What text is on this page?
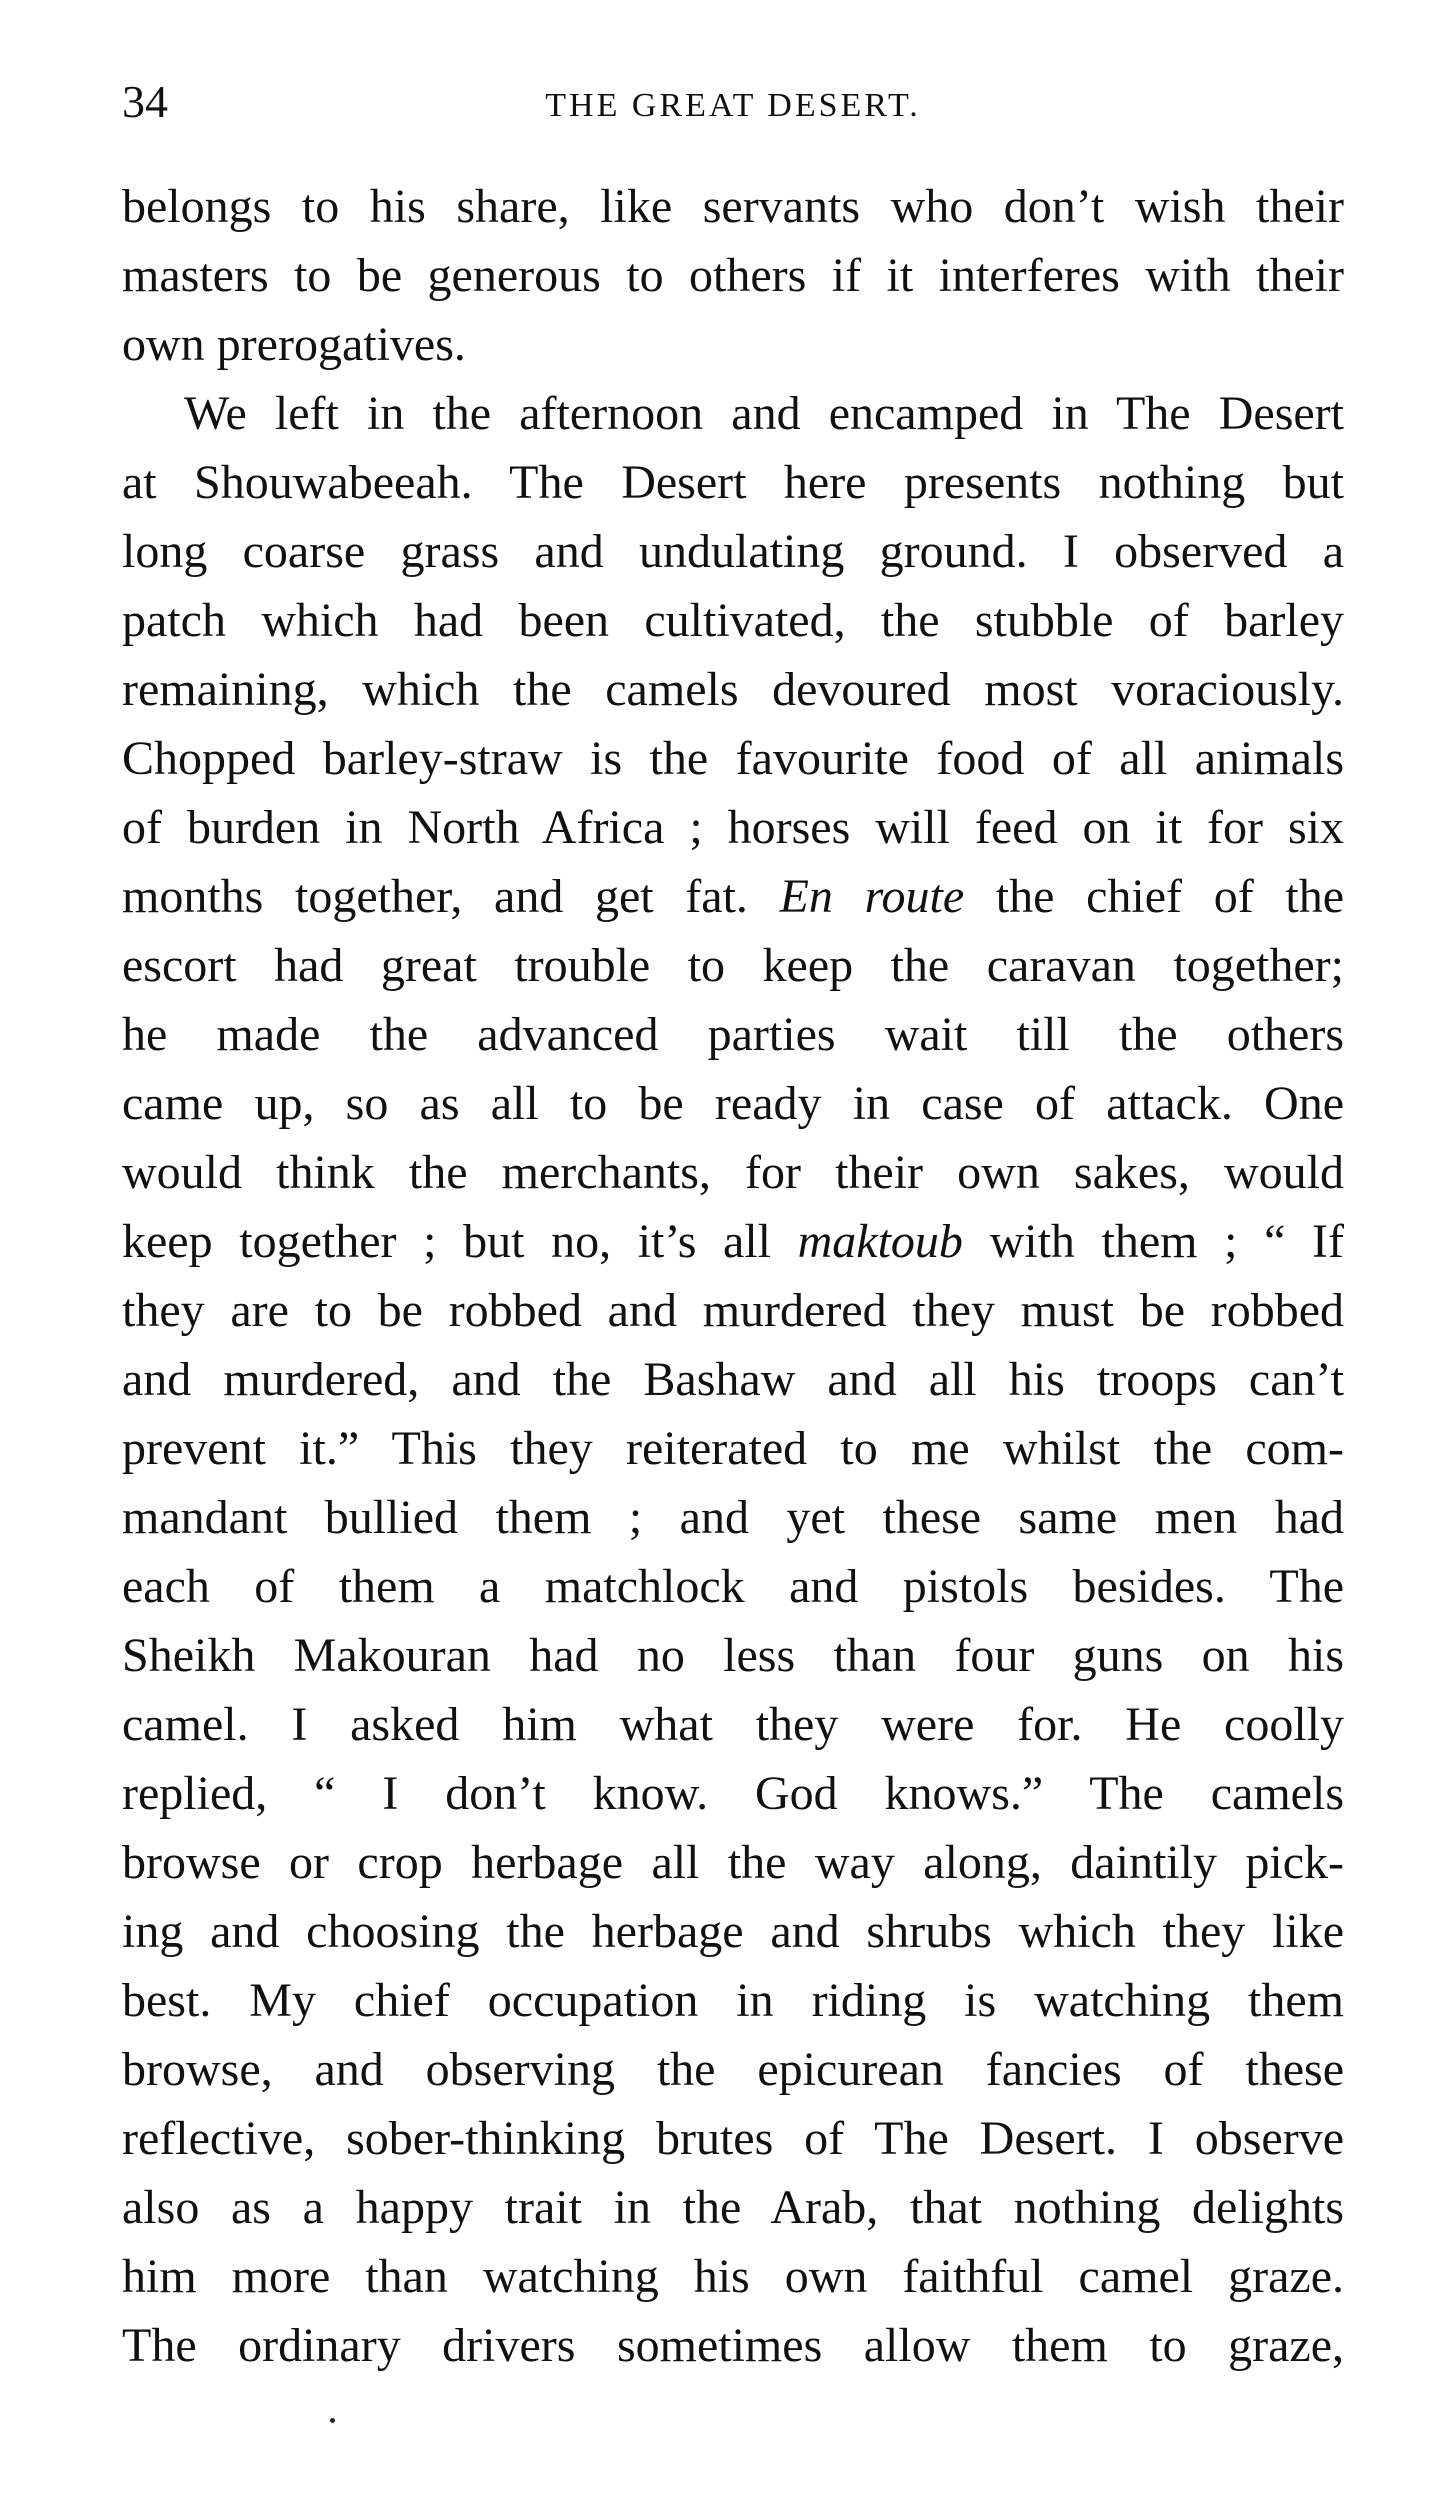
34	THE GREAT DESERT.
belongs to his share, like servants who don’t wish their
masters to be generous to others if it interferes with their
own prerogatives.
We left in the afternoon and encamped in The Desert
at Shouwabeeah. The Desert here presents nothing but
long coarse grass and undulating ground. I observed a
patch which had been cultivated, the stubble of barley
remaining, which the camels devoured most voraciously.
Chopped barley-straw is the favourite food of all animals
of burden in North Africa ; horses will feed on it for six
months together, and get fat. En route the chief of the
escort had great trouble to keep the caravan together;
he made the advanced parties wait till the others
came up, so as all to be ready in case of attack. One
would think the merchants, for their own sakes, would
keep together ; but no, it’s all maktoub with them ; “ If
they are to be robbed and murdered they must be robbed
and murdered, and the Bashaw and all his troops can’t
prevent it.” This they reiterated to me whilst the com-
mandant bullied them ; and yet these same men had
each of them a matchlock and pistols besides. The
Sheikh Makouran had no less than four guns on his
camel. I asked him what they were for. He coolly
replied, “ I don’t know. God knows.” The camels
browse or crop herbage all the way along, daintily pick-
ing and choosing the herbage and shrubs which they like
best. My chief occupation in riding is watching them
browse, and observing the epicurean fancies of these
reflective, sober-thinking brutes of The Desert. I observe
also as a happy trait in the Arab, that nothing delights
him more than watching his own faithful camel graze.
The ordinary drivers sometimes allow them to graze,
